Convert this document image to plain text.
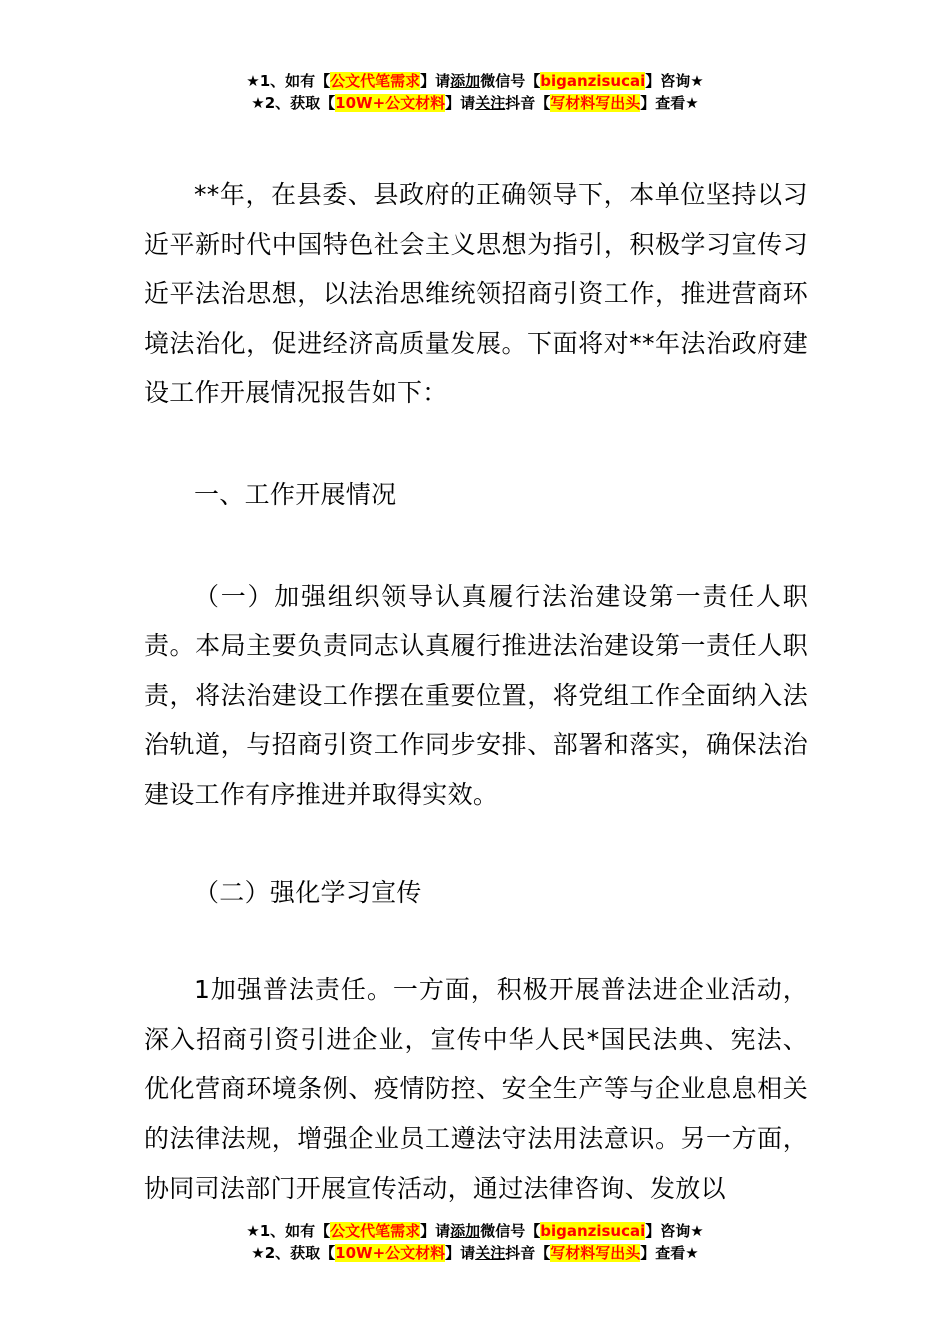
★1、如有【公文代笔需求】请添加微信号【biganzisucai】咨询★
★2、获取【10W+公文材料】请关注抖音【写材料写出头】查看★

**年，在县委、县政府的正确领导下，本单位坚持以习近平新时代中国特色社会主义思想为指引，积极学习宣传习近平法治思想，以法治思维统领招商引资工作，推进营商环境法治化，促进经济高质量发展。下面将对**年法治政府建设工作开展情况报告如下：

一、工作开展情况

（一）加强组织领导认真履行法治建设第一责任人职责。本局主要负责同志认真履行推进法治建设第一责任人职责，将法治建设工作摆在重要位置，将党组工作全面纳入法治轨道，与招商引资工作同步安排、部署和落实，确保法治建设工作有序推进并取得实效。

（二）强化学习宣传

1加强普法责任。一方面，积极开展普法进企业活动，深入招商引资引进企业，宣传中华人民*国民法典、宪法、优化营商环境条例、疫情防控、安全生产等与企业息息相关的法律法规，增强企业员工遵法守法用法意识。另一方面，协同司法部门开展宣传活动，通过法律咨询、发放以

★1、如有【公文代笔需求】请添加微信号【biganzisucai】咨询★
★2、获取【10W+公文材料】请关注抖音【写材料写出头】查看★
